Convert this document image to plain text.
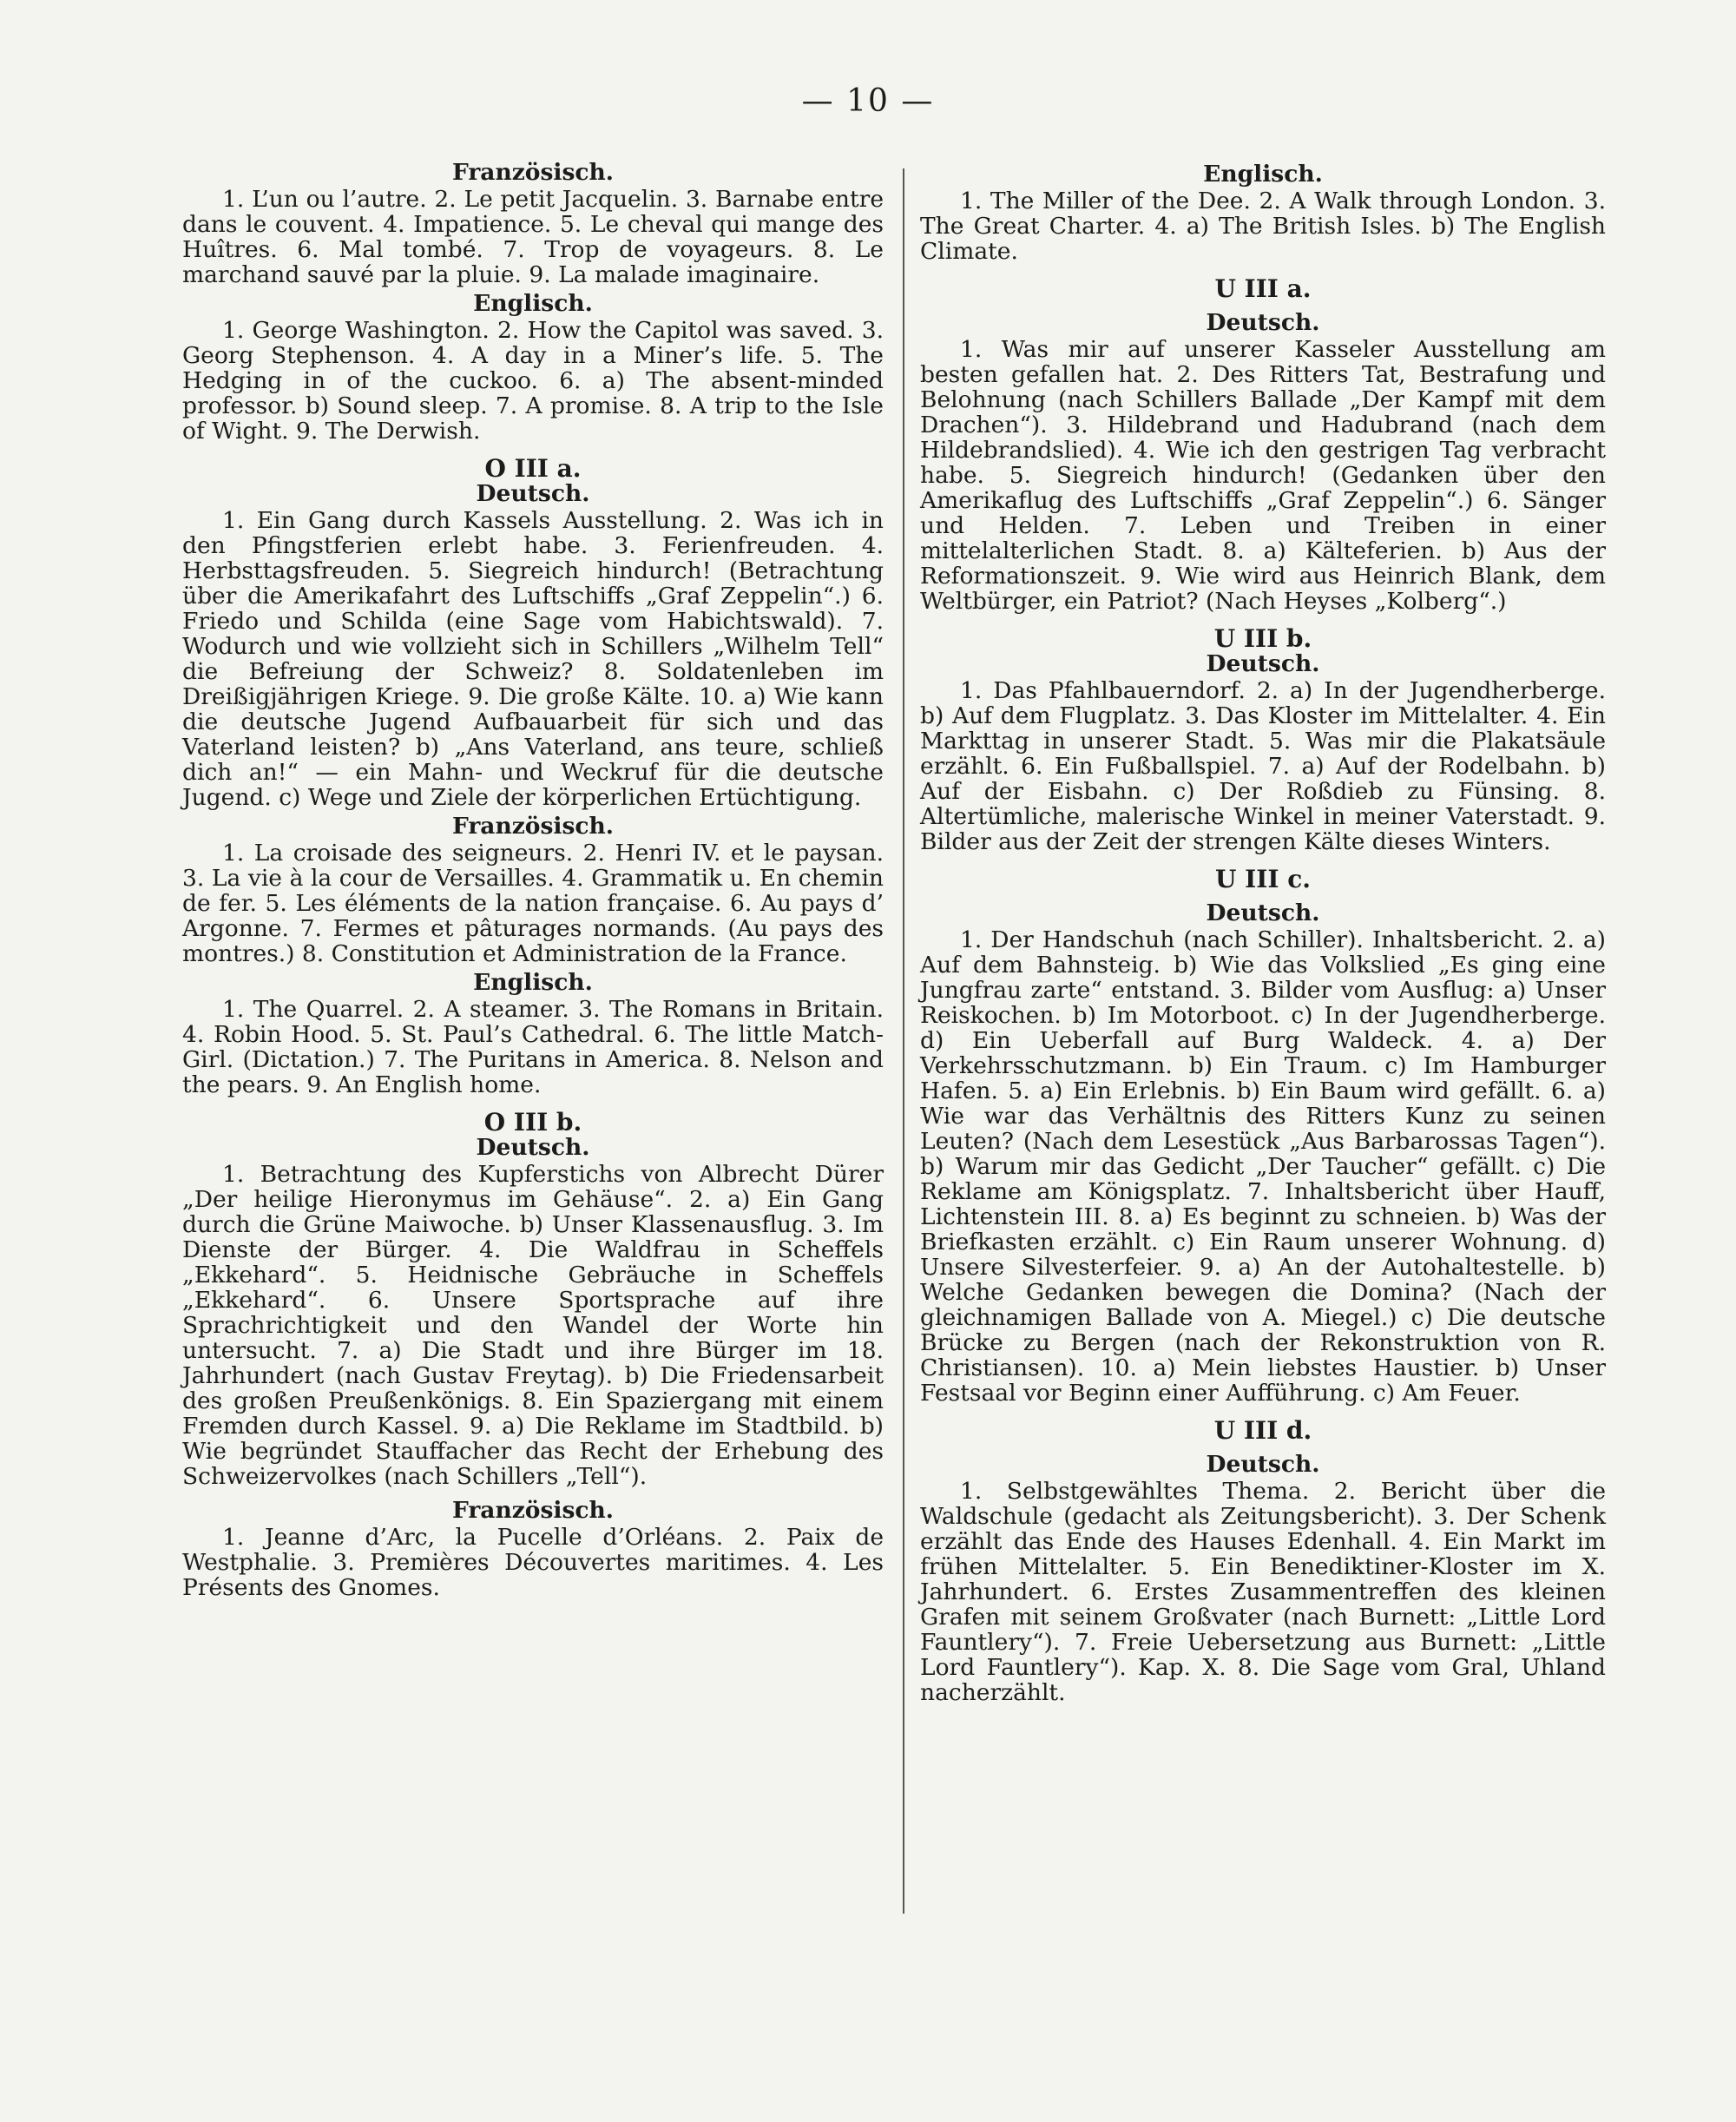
— 10 —
Französisch.

1. L’un ou l’autre. 2. Le petit Jacquelin. 3. Barnabe entre dans le couvent. 4. Impatience. 5. Le cheval qui mange des Huîtres. 6. Mal tombé. 7. Trop de voyageurs. 8. Le marchand sauvé par la pluie. 9. La malade imaginaire.

Englisch.

1. George Washington. 2. How the Capitol was saved. 3. Georg Stephenson. 4. A day in a Miner’s life. 5. The Hedging in of the cuckoo. 6. a) The absent-minded professor. b) Sound sleep. 7. A promise. 8. A trip to the Isle of Wight. 9. The Derwish.

O III a.
Deutsch.

1. Ein Gang durch Kassels Ausstellung. 2. Was ich in den Pfingstferien erlebt habe. 3. Ferienfreuden. 4. Herbsttagsfreuden. 5. Siegreich hindurch! (Betrachtung über die Amerikafahrt des Luftschiffs „Graf Zeppelin“.) 6. Friedo und Schilda (eine Sage vom Habichtswald). 7. Wodurch und wie vollzieht sich in Schillers „Wilhelm Tell“ die Befreiung der Schweiz? 8. Soldatenleben im Dreißigjährigen Kriege. 9. Die große Kälte. 10. a) Wie kann die deutsche Jugend Aufbauarbeit für sich und das Vaterland leisten? b) „Ans Vaterland, ans teure, schließ dich an!“ — ein Mahn- und Weckruf für die deutsche Jugend. c) Wege und Ziele der körperlichen Ertüchtigung.

Französisch.

1. La croisade des seigneurs. 2. Henri IV. et le paysan. 3. La vie à la cour de Versailles. 4. Grammatik u. En chemin de fer. 5. Les éléments de la nation française. 6. Au pays d’ Argonne. 7. Fermes et pâturages normands. (Au pays des montres.) 8. Constitution et Administration de la France.

Englisch.

1. The Quarrel. 2. A steamer. 3. The Romans in Britain. 4. Robin Hood. 5. St. Paul’s Cathedral. 6. The little Match-Girl. (Dictation.) 7. The Puritans in America. 8. Nelson and the pears. 9. An English home.

O III b.
Deutsch.

1. Betrachtung des Kupferstichs von Albrecht Dürer „Der heilige Hieronymus im Gehäuse“. 2. a) Ein Gang durch die Grüne Maiwoche. b) Unser Klassenausflug. 3. Im Dienste der Bürger. 4. Die Waldfrau in Scheffels „Ekkehard“. 5. Heidnische Gebräuche in Scheffels „Ekkehard“. 6. Unsere Sportsprache auf ihre Sprachrichtigkeit und den Wandel der Worte hin untersucht. 7. a) Die Stadt und ihre Bürger im 18. Jahrhundert (nach Gustav Freytag). b) Die Friedensarbeit des großen Preußenkönigs. 8. Ein Spaziergang mit einem Fremden durch Kassel. 9. a) Die Reklame im Stadtbild. b) Wie begründet Stauffacher das Recht der Erhebung des Schweizervolkes (nach Schillers „Tell“).

Französisch.

1. Jeanne d’Arc, la Pucelle d’Orléans. 2. Paix de Westphalie. 3. Premières Découvertes maritimes. 4. Les Présents des Gnomes.

Englisch.

1. The Miller of the Dee. 2. A Walk through London. 3. The Great Charter. 4. a) The British Isles. b) The English Climate.

U III a.
Deutsch.

1. Was mir auf unserer Kasseler Ausstellung am besten gefallen hat. 2. Des Ritters Tat, Bestrafung und Belohnung (nach Schillers Ballade „Der Kampf mit dem Drachen“). 3. Hildebrand und Hadubrand (nach dem Hildebrandslied). 4. Wie ich den gestrigen Tag verbracht habe. 5. Siegreich hindurch! (Gedanken über den Amerikaflug des Luftschiffs „Graf Zeppelin“.) 6. Sänger und Helden. 7. Leben und Treiben in einer mittelalterlichen Stadt. 8. a) Kälteferien. b) Aus der Reformationszeit. 9. Wie wird aus Heinrich Blank, dem Weltbürger, ein Patriot? (Nach Heyses „Kolberg“.)

U III b.
Deutsch.

1. Das Pfahlbauerndorf. 2. a) In der Jugendherberge. b) Auf dem Flugplatz. 3. Das Kloster im Mittelalter. 4. Ein Markttag in unserer Stadt. 5. Was mir die Plakatsäule erzählt. 6. Ein Fußballspiel. 7. a) Auf der Rodelbahn. b) Auf der Eisbahn. c) Der Roßdieb zu Fünsing. 8. Altertümliche, malerische Winkel in meiner Vaterstadt. 9. Bilder aus der Zeit der strengen Kälte dieses Winters.

U III c.
Deutsch.

1. Der Handschuh (nach Schiller). Inhaltsbericht. 2. a) Auf dem Bahnsteig. b) Wie das Volkslied „Es ging eine Jungfrau zarte“ entstand. 3. Bilder vom Ausflug: a) Unser Reiskochen. b) Im Motorboot. c) In der Jugendherberge. d) Ein Ueberfall auf Burg Waldeck. 4. a) Der Verkehrsschutzmann. b) Ein Traum. c) Im Hamburger Hafen. 5. a) Ein Erlebnis. b) Ein Baum wird gefällt. 6. a) Wie war das Verhältnis des Ritters Kunz zu seinen Leuten? (Nach dem Lesestück „Aus Barbarossas Tagen“). b) Warum mir das Gedicht „Der Taucher“ gefällt. c) Die Reklame am Königsplatz. 7. Inhaltsbericht über Hauff, Lichtenstein III. 8. a) Es beginnt zu schneien. b) Was der Briefkasten erzählt. c) Ein Raum unserer Wohnung. d) Unsere Silvesterfeier. 9. a) An der Autohaltestelle. b) Welche Gedanken bewegen die Domina? (Nach der gleichnamigen Ballade von A. Miegel.) c) Die deutsche Brücke zu Bergen (nach der Rekonstruktion von R. Christiansen). 10. a) Mein liebstes Haustier. b) Unser Festsaal vor Beginn einer Aufführung. c) Am Feuer.

U III d.
Deutsch.

1. Selbstgewähltes Thema. 2. Bericht über die Waldschule (gedacht als Zeitungsbericht). 3. Der Schenk erzählt das Ende des Hauses Edenhall. 4. Ein Markt im frühen Mittelalter. 5. Ein Benediktiner-Kloster im X. Jahrhundert. 6. Erstes Zusammentreffen des kleinen Grafen mit seinem Großvater (nach Burnett: „Little Lord Fauntlery“). 7. Freie Uebersetzung aus Burnett: „Little Lord Fauntlery“). Kap. X. 8. Die Sage vom Gral, Uhland nacherzählt.
